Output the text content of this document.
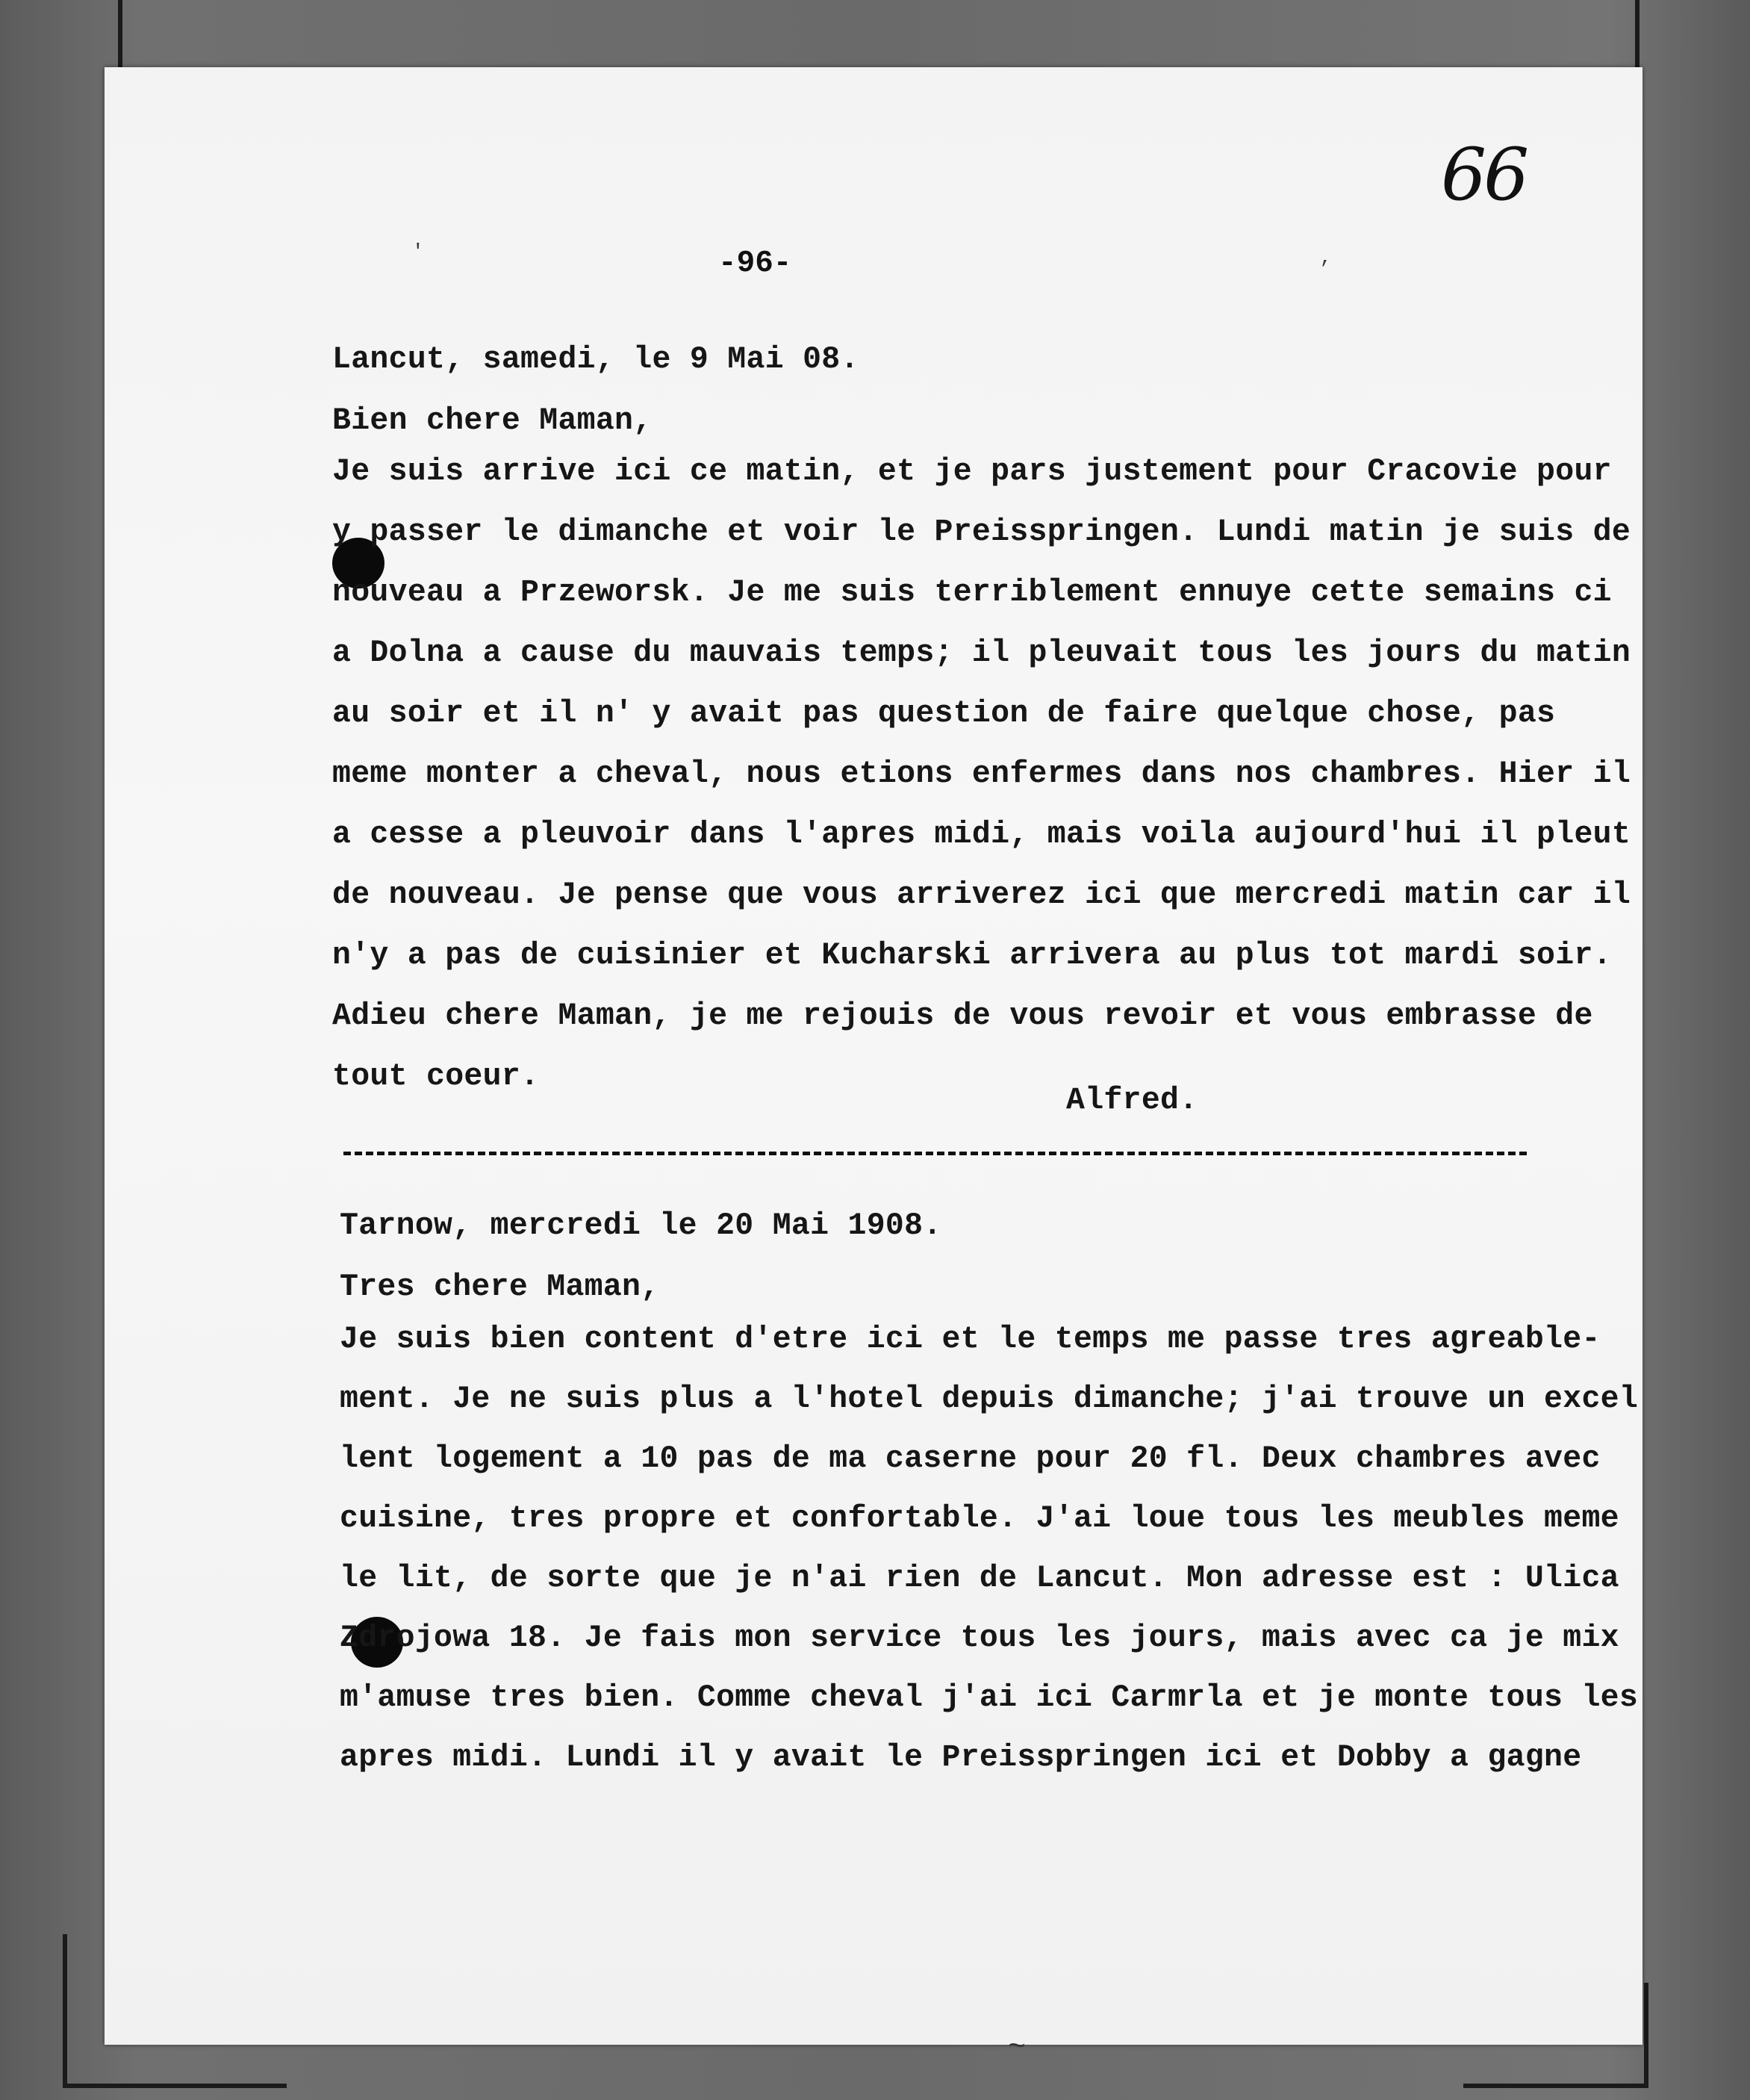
66
-96-
Lancut, samedi, le 9 Mai 08.
Bien chere Maman,
Je suis arrive ici ce matin, et je pars justement pour Cracovie pour
y passer le dimanche et voir le Preisspringen. Lundi matin je suis de
nouveau a Przeworsk. Je me suis terriblement ennuye cette semains ci
a Dolna a cause du mauvais temps; il pleuvait tous les jours du matin
au soir et il n' y avait pas question de faire quelque chose, pas
meme monter a cheval, nous etions enfermes dans nos chambres. Hier il
a cesse a pleuvoir dans l'apres midi, mais voila aujourd'hui il pleut
de nouveau. Je pense que vous arriverez ici que mercredi matin car il
n'y a pas de cuisinier et Kucharski arrivera au plus tot mardi soir.
Adieu chere Maman, je me rejouis de vous revoir et vous embrasse de
tout coeur.
Alfred.
Tarnow, mercredi le 20 Mai 1908.
Tres chere Maman,
Je suis bien content d'etre ici et le temps me passe tres agreable-
ment. Je ne suis plus a l'hotel depuis dimanche; j'ai trouve un excel
lent logement a 10 pas de ma caserne pour 20 fl. Deux chambres avec
cuisine, tres propre et confortable. J'ai loue tous les meubles meme
le lit, de sorte que je n'ai rien de Lancut. Mon adresse est : Ulica
Zdrojowa 18. Je fais mon service tous les jours, mais avec ca je mix
m'amuse tres bien. Comme cheval j'ai ici Carmrla et je monte tous les
apres midi. Lundi il y avait le Preisspringen ici et Dobby a gagne
'	,
~
